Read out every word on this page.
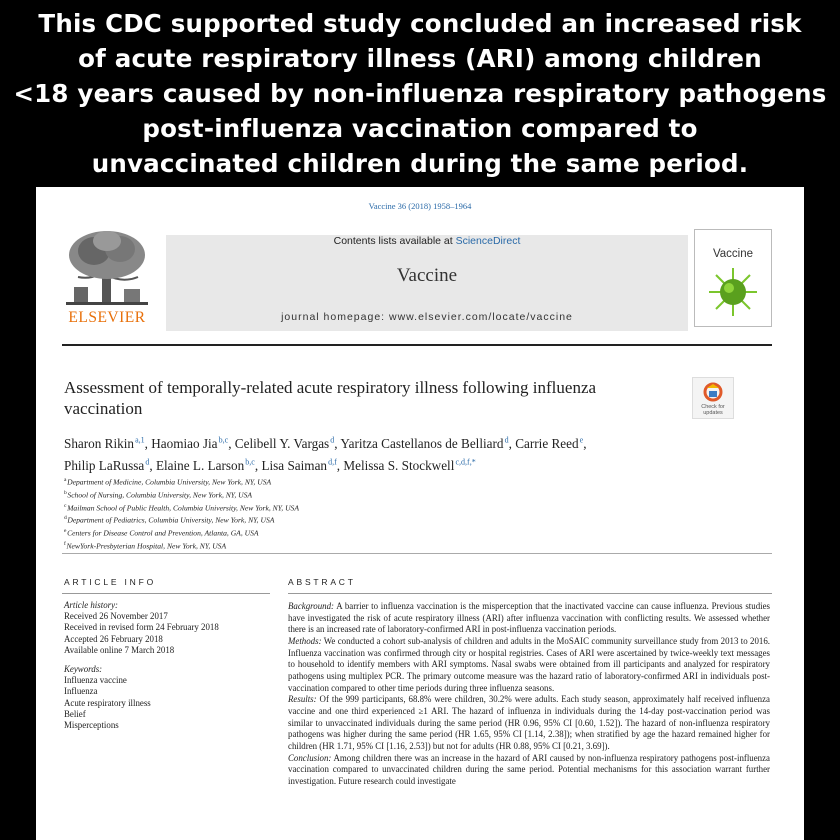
This CDC supported study concluded an increased risk
of acute respiratory illness (ARI) among children
<18 years caused by non-influenza respiratory pathogens
post-influenza vaccination compared to
unvaccinated children during the same period.
Vaccine 36 (2018) 1958–1964
ELSEVIER
Contents lists available at ScienceDirect
Vaccine
journal homepage: www.elsevier.com/locate/vaccine
Vaccine
Assessment of temporally-related acute respiratory illness following influenza vaccination	Check for updates
Sharon Rikin $^{a,1}$, Haomiao Jia $^{b,c}$, Celibell Y. Vargas $^d$, Yaritza Castellanos de Belliard $^d$, Carrie Reed $^e$,
Philip LaRussa $^d$, Elaine L. Larson $^{b,c}$, Lisa Saiman $^{d,f}$, Melissa S. Stockwell $^{c,d,f,*}$
$^a$ Department of Medicine, Columbia University, New York, NY, USA
$^b$ School of Nursing, Columbia University, New York, NY, USA
$^c$ Mailman School of Public Health, Columbia University, New York, NY, USA
$^d$ Department of Pediatrics, Columbia University, New York, NY, USA
$^e$ Centers for Disease Control and Prevention, Atlanta, GA, USA
$^f$ NewYork-Presbyterian Hospital, New York, NY, USA
ARTICLE INFO	ABSTRACT
Article history:
Received 26 November 2017
Received in revised form 24 February 2018
Accepted 26 February 2018
Available online 7 March 2018
Keywords:
Influenza vaccine
Influenza
Acute respiratory illness
Belief
Misperceptions

Background: A barrier to influenza vaccination is the misperception that the inactivated vaccine can cause influenza. Previous studies have investigated the risk of acute respiratory illness (ARI) after influenza vaccination with conflicting results. We assessed whether there is an increased rate of laboratory-confirmed ARI in post-influenza vaccination periods.

Methods: We conducted a cohort sub-analysis of children and adults in the MoSAIC community surveillance study from 2013 to 2016. Influenza vaccination was confirmed through city or hospital registries. Cases of ARI were ascertained by twice-weekly text messages to household to identify members with ARI symptoms. Nasal swabs were obtained from ill participants and analyzed for respiratory pathogens using multiplex PCR. The primary outcome measure was the hazard ratio of laboratory-confirmed ARI in individuals post-vaccination compared to other time periods during three influenza seasons.

Results: Of the 999 participants, 68.8% were children, 30.2% were adults. Each study season, approximately half received influenza vaccine and one third experienced ≥1 ARI. The hazard of influenza in individuals during the 14-day post-vaccination period was similar to unvaccinated individuals during the same period (HR 0.96, 95% CI [0.60, 1.52]). The hazard of non-influenza respiratory pathogens was higher during the same period (HR 1.65, 95% CI [1.14, 2.38]); when stratified by age the hazard remained higher for children (HR 1.71, 95% CI [1.16, 2.53]) but not for adults (HR 0.88, 95% CI [0.21, 3.69]).

Conclusion: Among children there was an increase in the hazard of ARI caused by non-influenza respiratory pathogens post-influenza vaccination compared to unvaccinated children during the same period. Potential mechanisms for this association warrant further investigation. Future research could investigate
